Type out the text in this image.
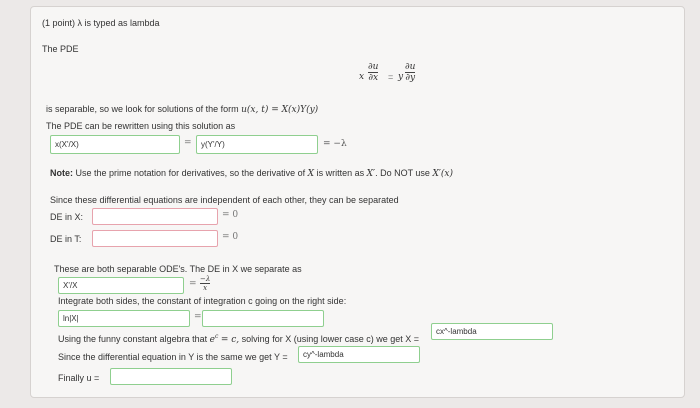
(1 point) λ is typed as lambda
The PDE
x
∂u
∂x = y
∂u
∂y
is separable, so we look for solutions of the form u(x, t) = X(x)Y(y)
The PDE can be rewritten using this solution as
x(X'/X)	=	y(Y'/Y)	= −λ
Note: Use the prime notation for derivatives, so the derivative of X is written as X′. Do NOT use X′(x)
Since these differential equations are independent of each other, they can be separated
DE in X:	= 0
DE in T:	= 0
These are both separable ODE's. The DE in X we separate as
X'/X	= −λ
x
Integrate both sides, the constant of integration c going on the right side:
ln|X|	=
Using the funny constant algebra that $e^c = c$, solving for X (using lower case c) we get X =
cx^-lambda
Since the differential equation in Y is the same we get Y =	cy^-lambda
Finally u =
